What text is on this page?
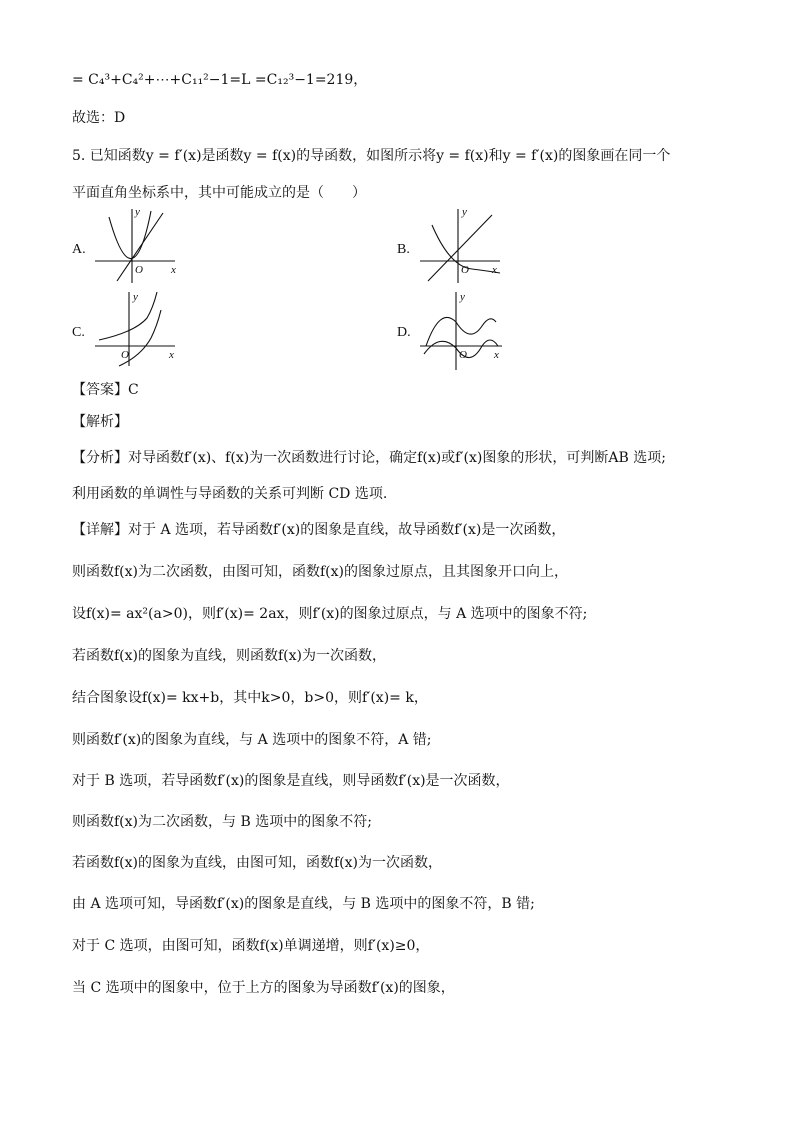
= C₄³+C₄²+⋯+C₁₁²−1=L =C₁₂³−1=219，
故选：D
5. 已知函数y = f′(x)是函数y = f(x)的导函数，如图所示将y = f(x)和y = f′(x)的图象画在同一个
平面直角坐标系中，其中可能成立的是（　　）
A.
y
O	x
B.
y
O x
C.
y
O	x
D.
y
O x
【答案】C
【解析】
【分析】对导函数f′(x)、f(x)为一次函数进行讨论，确定f(x)或f′(x)图象的形状，可判断AB 选项;
利用函数的单调性与导函数的关系可判断 CD 选项.
【详解】对于 A 选项，若导函数f′(x)的图象是直线，故导函数f′(x)是一次函数，
则函数f(x)为二次函数，由图可知，函数f(x)的图象过原点，且其图象开口向上，
设f(x)= ax²(a>0)，则f′(x)= 2ax，则f′(x)的图象过原点，与 A 选项中的图象不符;
若函数f(x)的图象为直线，则函数f(x)为一次函数，
结合图象设f(x)= kx+b，其中k>0，b>0，则f′(x)= k，
则函数f′(x)的图象为直线，与 A 选项中的图象不符，A 错;
对于 B 选项，若导函数f′(x)的图象是直线，则导函数f′(x)是一次函数，
则函数f(x)为二次函数，与 B 选项中的图象不符;
若函数f(x)的图象为直线，由图可知，函数f(x)为一次函数，
由 A 选项可知，导函数f′(x)的图象是直线，与 B 选项中的图象不符，B 错;
对于 C 选项，由图可知，函数f(x)单调递增，则f′(x)≥0，
当 C 选项中的图象中，位于上方的图象为导函数f′(x)的图象，
